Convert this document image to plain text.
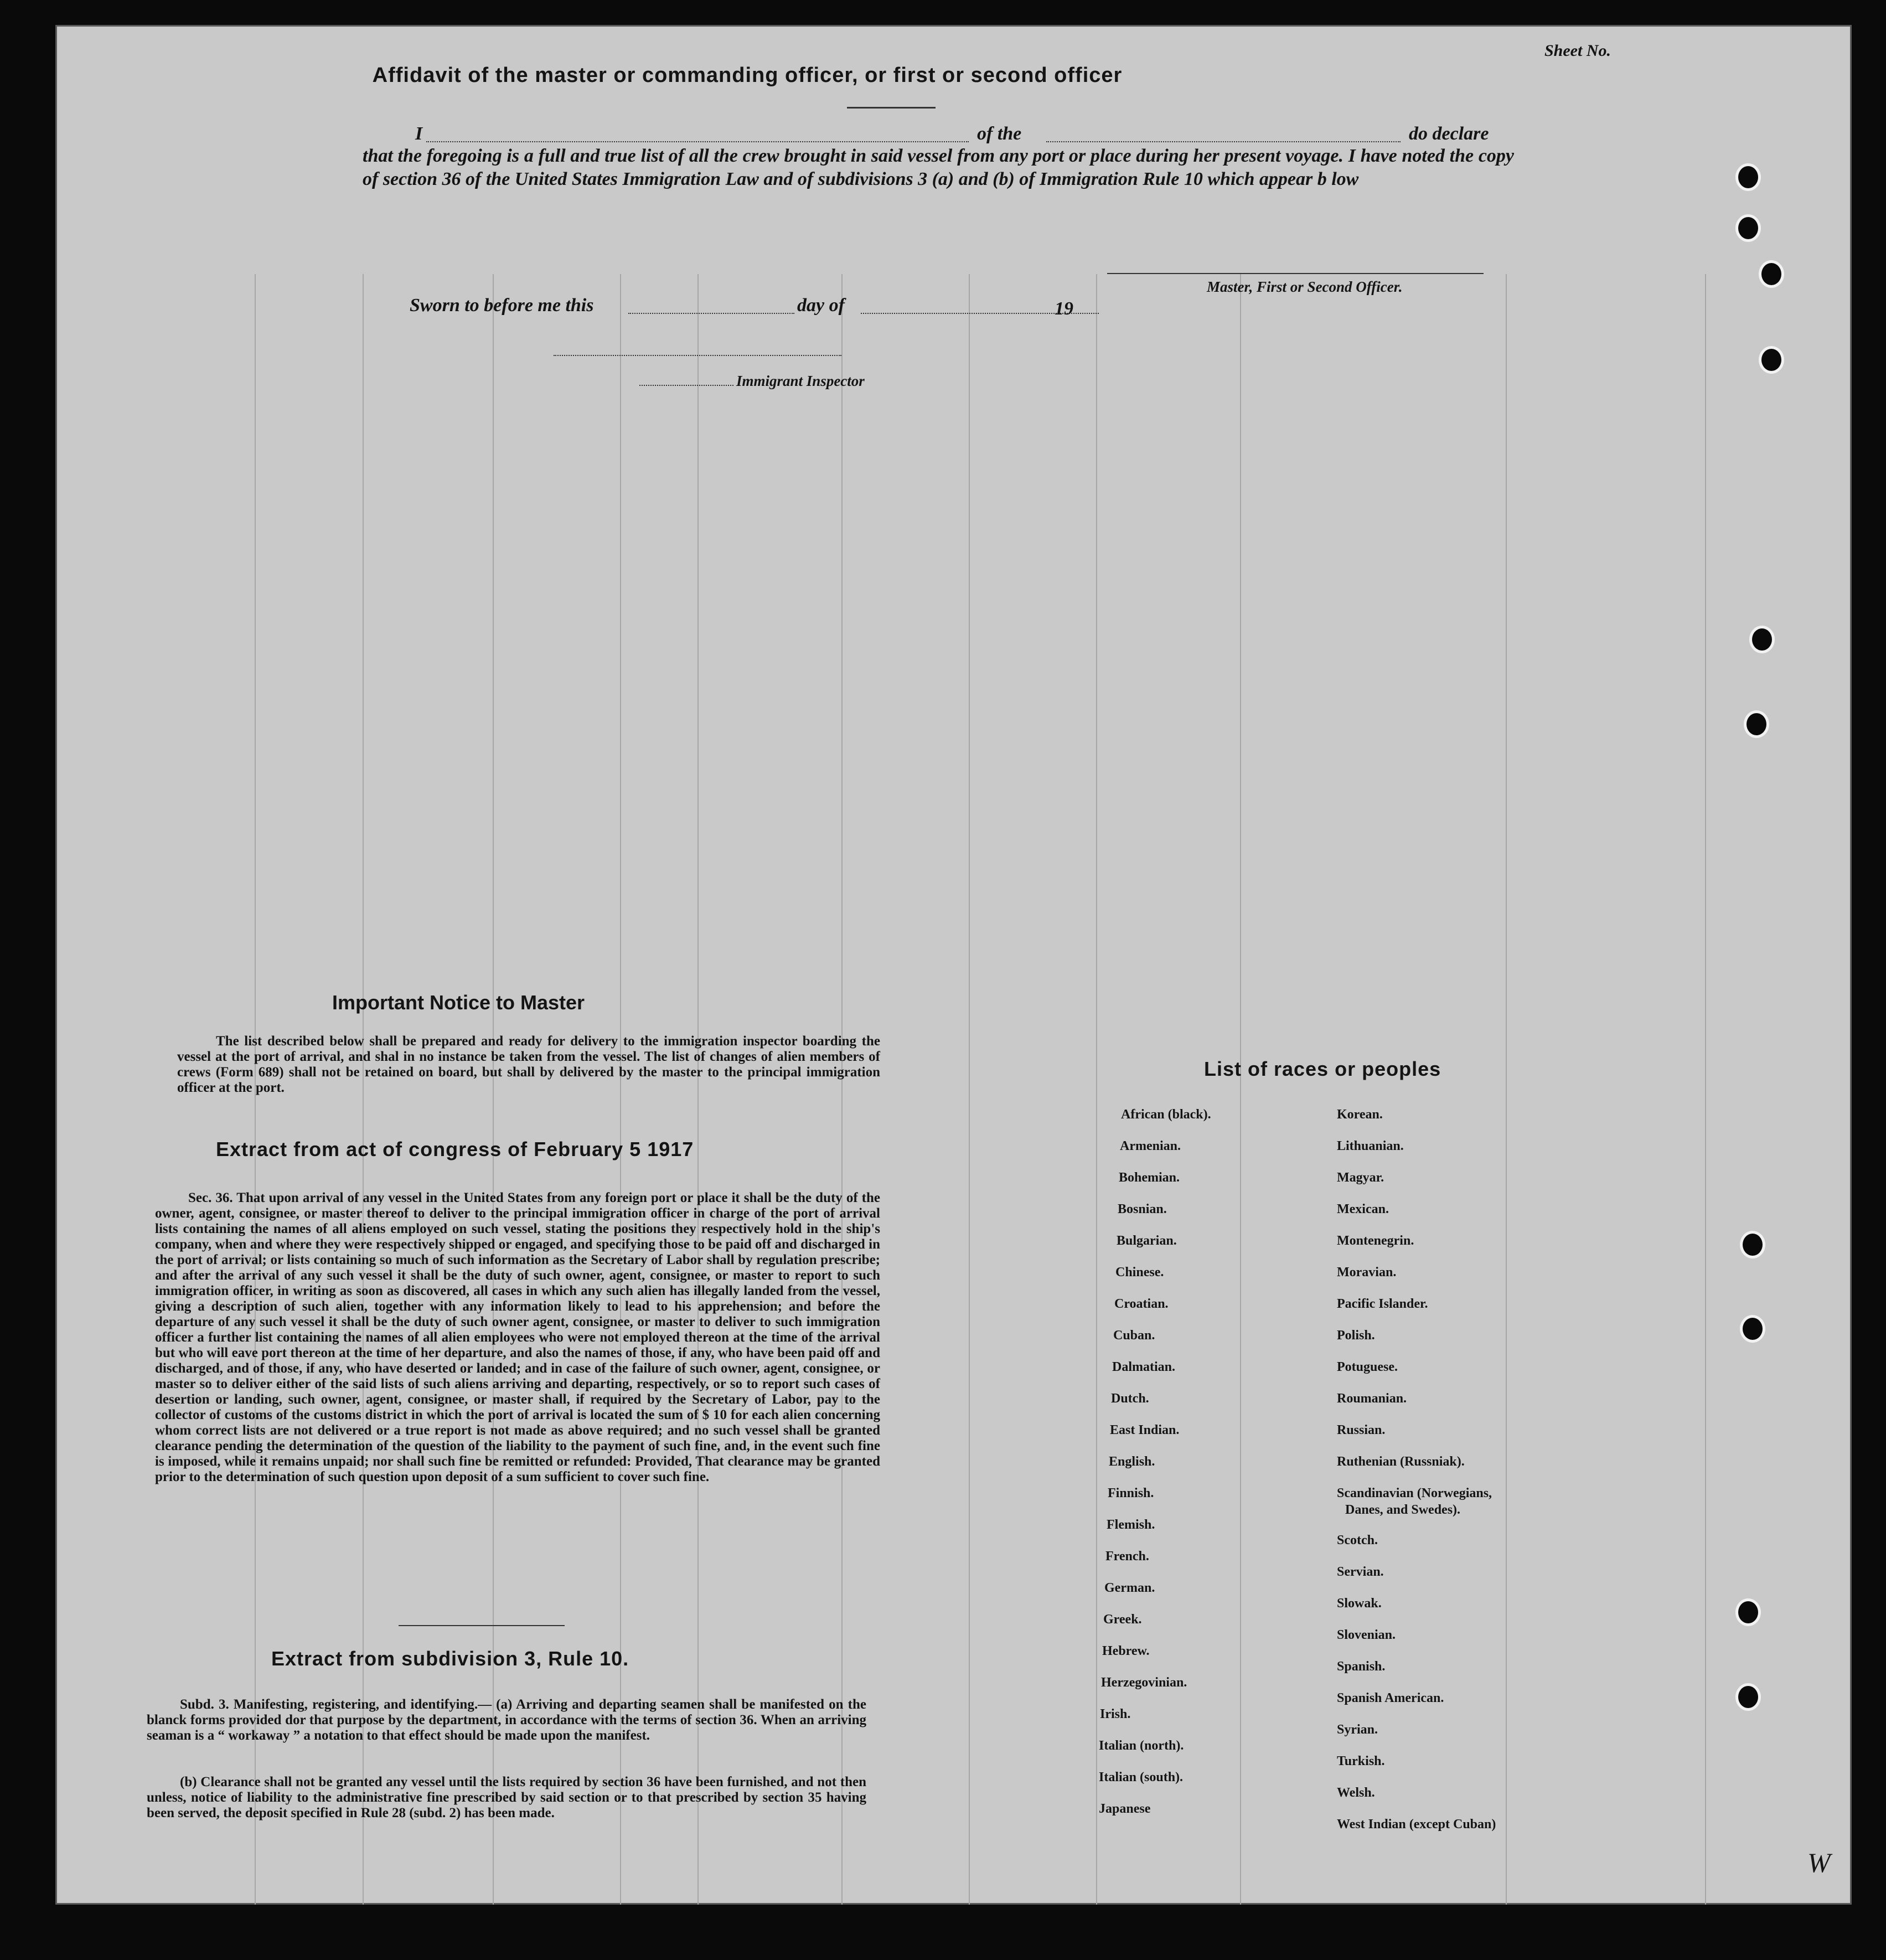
Sheet No.
Affidavit of the master or commanding officer, or first or second officer
I	of the	do declare
that the foregoing is a full and true list of all the crew brought in said vessel from any port or place during her present voyage. I have noted the copy of section 36 of the United States Immigration Law and of subdivisions 3 (a) and (b) of Immigration Rule 10 which appear b low
Master, First or Second Officer.
Sworn to before me this	day of	19
Immigrant Inspector
Important Notice to Master
The list described below shall be prepared and ready for delivery to the immigration inspector boarding the vessel at the port of arrival, and shal in no instance be taken from the vessel. The list of changes of alien members of crews (Form 689) shall not be retained on board, but shall by delivered by the master to the principal immigration officer at the port.
Extract from act of congress of February 5 1917
Sec. 36. That upon arrival of any vessel in the United States from any foreign port or place it shall be the duty of the owner, agent, consignee, or master thereof to deliver to the principal immigration officer in charge of the port of arrival lists containing the names of all aliens employed on such vessel, stating the positions they respectively hold in the ship's company, when and where they were respectively shipped or engaged, and specifying those to be paid off and discharged in the port of arrival; or lists containing so much of such information as the Secretary of Labor shall by regulation prescribe; and after the arrival of any such vessel it shall be the duty of such owner, agent, consignee, or master to report to such immigration officer, in writing as soon as discovered, all cases in which any such alien has illegally landed from the vessel, giving a description of such alien, together with any information likely to lead to his apprehension; and before the departure of any such vessel it shall be the duty of such owner agent, consignee, or master to deliver to such immigration officer a further list containing the names of all alien employees who were not employed thereon at the time of the arrival but who will eave port thereon at the time of her departure, and also the names of those, if any, who have been paid off and discharged, and of those, if any, who have deserted or landed; and in case of the failure of such owner, agent, consignee, or master so to deliver either of the said lists of such aliens arriving and departing, respectively, or so to report such cases of desertion or landing, such owner, agent, consignee, or master shall, if required by the Secretary of Labor, pay to the collector of customs of the customs district in which the port of arrival is located the sum of $ 10 for each alien concerning whom correct lists are not delivered or a true report is not made as above required; and no such vessel shall be granted clearance pending the determination of the question of the liability to the payment of such fine, and, in the event such fine is imposed, while it remains unpaid; nor shall such fine be remitted or refunded: Provided, That clearance may be granted prior to the determination of such question upon deposit of a sum sufficient to cover such fine.
Extract from subdivision 3, Rule 10.
Subd. 3. Manifesting, registering, and identifying.— (a) Arriving and departing seamen shall be manifested on the blanck forms provided dor that purpose by the department, in accordance with the terms of section 36. When an arriving seaman is a “ workaway ” a notation to that effect should be made upon the manifest.
(b) Clearance shall not be granted any vessel until the lists required by section 36 have been furnished, and not then unless, notice of liability to the administrative fine prescribed by said section or to that prescribed by section 35 having been served, the deposit specified in Rule 28 (subd. 2) has been made.
List of races or peoples
African (black).
Armenian.
Bohemian.
Bosnian.
Bulgarian.
Chinese.
Croatian.
Cuban.
Dalmatian.
Dutch.
East Indian.
English.
Finnish.
Flemish.
French.
German.
Greek.
Hebrew.
Herzegovinian.
Irish.
Italian (north).
Italian (south).
Japanese
Korean.
Lithuanian.
Magyar.
Mexican.
Montenegrin.
Moravian.
Pacific Islander.
Polish.
Potuguese.
Roumanian.
Russian.
Ruthenian (Russniak).
Scandinavian (Norwegians,
Danes, and Swedes).
Scotch.
Servian.
Slowak.
Slovenian.
Spanish.
Spanish American.
Syrian.
Turkish.
Welsh.
West Indian (except Cuban)
W
